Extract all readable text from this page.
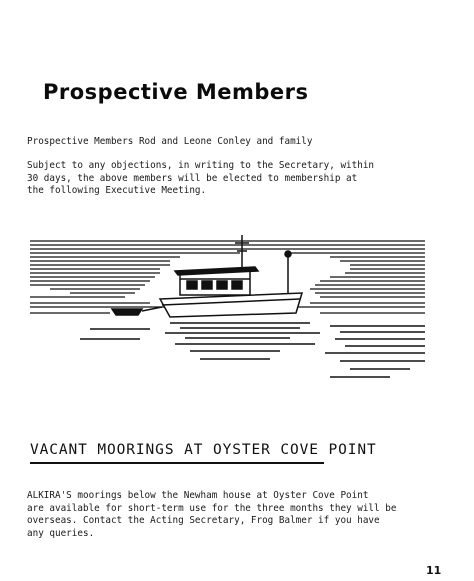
Prospective Members
Prospective Members Rod and Leone Conley and family
Subject to any objections, in writing to the Secretary, within
30 days, the above members will be elected to membership at
the following Executive Meeting.
VACANT MOORINGS AT OYSTER COVE POINT
ALKIRA'S moorings below the Newham house at Oyster Cove Point
are available for short-term use for the three months they will be
overseas. Contact the Acting Secretary, Frog Balmer if you have
any queries.
11
